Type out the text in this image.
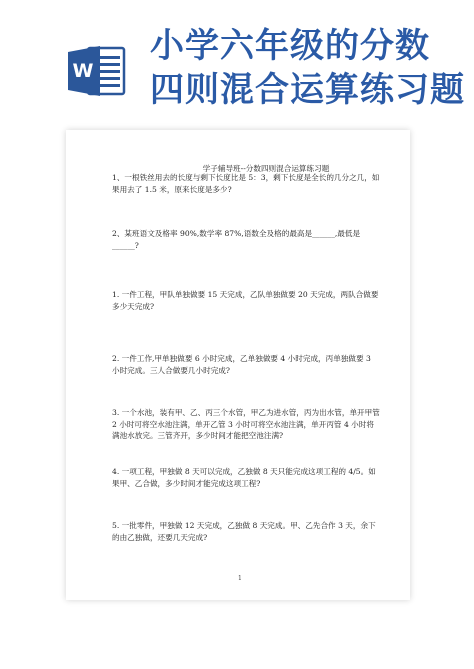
W
小学六年级的分数
四则混合运算练习题
学子辅导班--分数四则混合运算练习题

1、一根铁丝用去的长度与剩下长度比是 5：3，剩下长度是全长的几分之几，如果用去了 1.5 米，原来长度是多少?

2、某班语文及格率 90%,数学率 87%,语数全及格的最高是______,最低是______?

1. 一件工程，甲队单独做要 15 天完成，乙队单独做要 20 天完成，两队合做要多少天完成?

2. 一件工作,甲单独做要 6 小时完成，乙单独做要 4 小时完成，丙单独做要 3 小时完成。三人合做要几小时完成?

3. 一个水池，装有甲、乙、丙三个水管，甲乙为进水管，丙为出水管，单开甲管 2 小时可将空水池注满，单开乙管 3 小时可将空水池注满，单开丙管 4 小时将满池水放完。三管齐开，多少时间才能把空池注满?

4. 一项工程，甲独做 8 天可以完成，乙独做 8 天只能完成这项工程的 4/5。如果甲、乙合做，多少时间才能完成这项工程?

5. 一批零件，甲独做 12 天完成，乙独做 8 天完成。甲、乙先合作 3 天，余下的由乙独做，还要几天完成?

1
